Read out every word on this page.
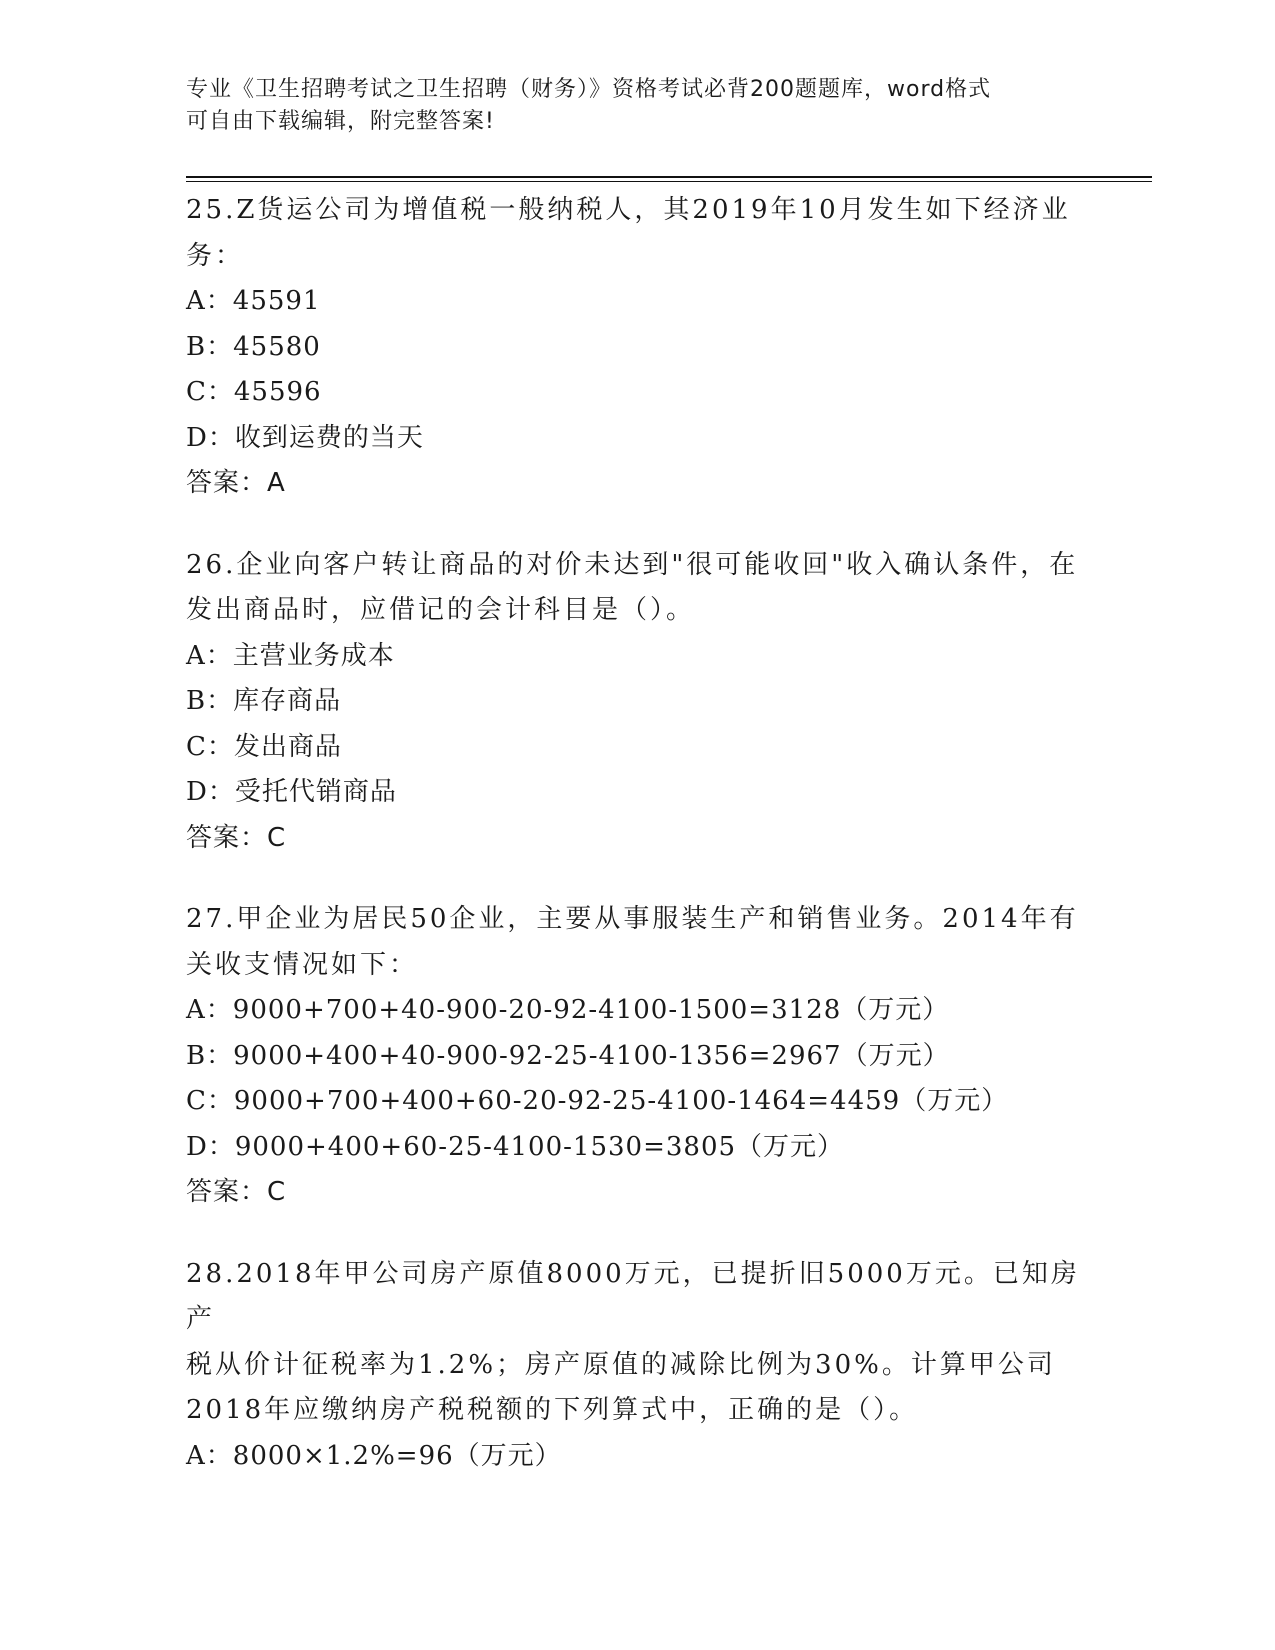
专业《卫生招聘考试之卫生招聘（财务）》资格考试必背200题题库，word格式
可自由下载编辑，附完整答案!
25.Z货运公司为增值税一般纳税人，其2019年10月发生如下经济业
务：
A：45591
B：45580
C：45596
D：收到运费的当天
答案：A
26.企业向客户转让商品的对价未达到"很可能收回"收入确认条件，在
发出商品时，应借记的会计科目是（）。
A：主营业务成本
B：库存商品
C：发出商品
D：受托代销商品
答案：C
27.甲企业为居民50企业，主要从事服装生产和销售业务。2014年有
关收支情况如下：
A：9000+700+40-900-20-92-4100-1500=3128（万元）
B：9000+400+40-900-92-25-4100-1356=2967（万元）
C：9000+700+400+60-20-92-25-4100-1464=4459（万元）
D：9000+400+60-25-4100-1530=3805（万元）
答案：C
28.2018年甲公司房产原值8000万元，已提折旧5000万元。已知房产
税从价计征税率为1.2%；房产原值的减除比例为30%。计算甲公司
2018年应缴纳房产税税额的下列算式中，正确的是（）。
A：8000×1.2%=96（万元）
